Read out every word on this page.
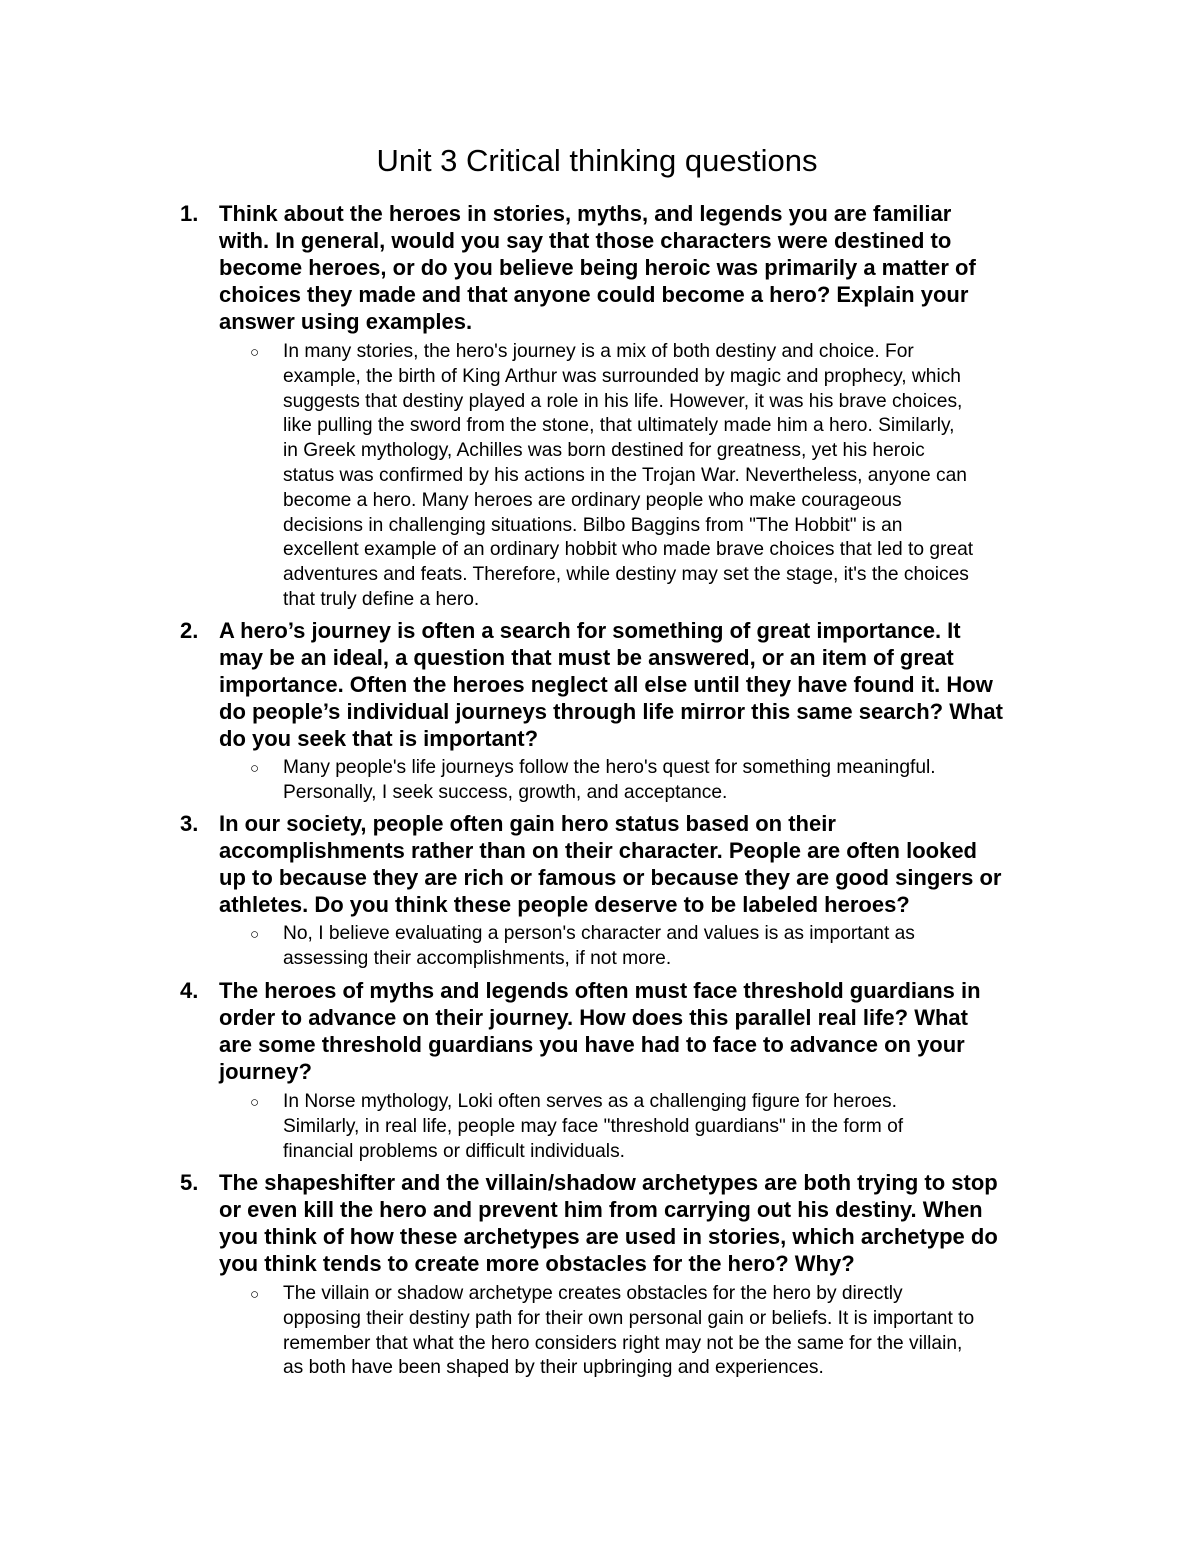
Unit 3 Critical thinking questions
1. Think about the heroes in stories, myths, and legends you are familiar
with. In general, would you say that those characters were destined to
become heroes, or do you believe being heroic was primarily a matter of
choices they made and that anyone could become a hero? Explain your
answer using examples.
○ In many stories, the hero's journey is a mix of both destiny and choice. For
example, the birth of King Arthur was surrounded by magic and prophecy, which
suggests that destiny played a role in his life. However, it was his brave choices,
like pulling the sword from the stone, that ultimately made him a hero. Similarly,
in Greek mythology, Achilles was born destined for greatness, yet his heroic
status was confirmed by his actions in the Trojan War. Nevertheless, anyone can
become a hero. Many heroes are ordinary people who make courageous
decisions in challenging situations. Bilbo Baggins from "The Hobbit" is an
excellent example of an ordinary hobbit who made brave choices that led to great
adventures and feats. Therefore, while destiny may set the stage, it's the choices
that truly define a hero.
2. A hero’s journey is often a search for something of great importance. It
may be an ideal, a question that must be answered, or an item of great
importance. Often the heroes neglect all else until they have found it. How
do people’s individual journeys through life mirror this same search? What
do you seek that is important?
○ Many people's life journeys follow the hero's quest for something meaningful.
Personally, I seek success, growth, and acceptance.
3. In our society, people often gain hero status based on their
accomplishments rather than on their character. People are often looked
up to because they are rich or famous or because they are good singers or
athletes. Do you think these people deserve to be labeled heroes?
○ No, I believe evaluating a person's character and values is as important as
assessing their accomplishments, if not more.
4. The heroes of myths and legends often must face threshold guardians in
order to advance on their journey. How does this parallel real life? What
are some threshold guardians you have had to face to advance on your
journey?
○ In Norse mythology, Loki often serves as a challenging figure for heroes.
Similarly, in real life, people may face "threshold guardians" in the form of
financial problems or difficult individuals.
5. The shapeshifter and the villain/shadow archetypes are both trying to stop
or even kill the hero and prevent him from carrying out his destiny. When
you think of how these archetypes are used in stories, which archetype do
you think tends to create more obstacles for the hero? Why?
○ The villain or shadow archetype creates obstacles for the hero by directly
opposing their destiny path for their own personal gain or beliefs. It is important to
remember that what the hero considers right may not be the same for the villain,
as both have been shaped by their upbringing and experiences.
